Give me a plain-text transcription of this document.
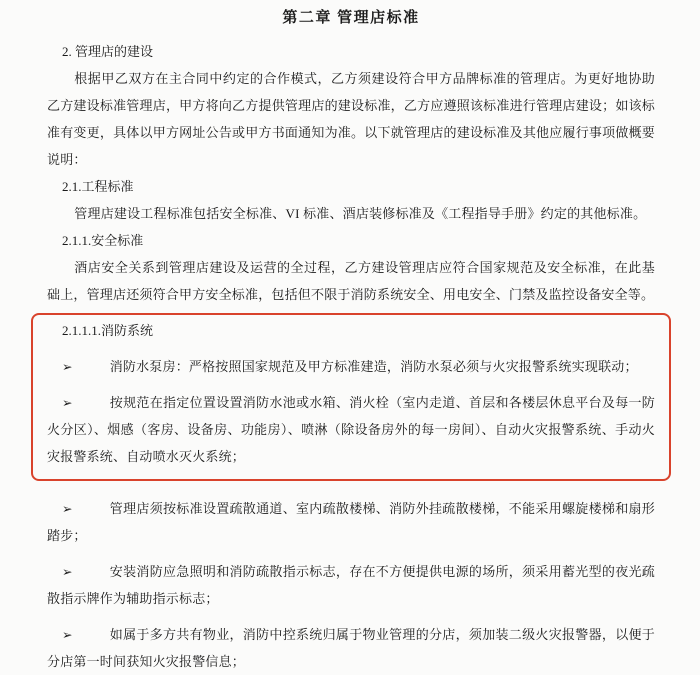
第二章 管理店标准

2. 管理店的建设

根据甲乙双方在主合同中约定的合作模式，乙方须建设符合甲方品牌标准的管理店。为更好地协助乙方建设标准管理店，甲方将向乙方提供管理店的建设标准，乙方应遵照该标准进行管理店建设；如该标准有变更，具体以甲方网址公告或甲方书面通知为准。以下就管理店的建设标准及其他应履行事项做概要说明：

2.1.工程标准

管理店建设工程标准包括安全标准、VI 标准、酒店装修标准及《工程指导手册》约定的其他标准。

2.1.1.安全标准

酒店安全关系到管理店建设及运营的全过程，乙方建设管理店应符合国家规范及安全标准，在此基础上，管理店还须符合甲方安全标准，包括但不限于消防系统安全、用电安全、门禁及监控设备安全等。

2.1.1.1.消防系统

➢	消防水泵房：严格按照国家规范及甲方标准建造，消防水泵必须与火灾报警系统实现联动；

➢	按规范在指定位置设置消防水池或水箱、消火栓（室内走道、首层和各楼层休息平台及每一防火分区）、烟感（客房、设备房、功能房）、喷淋（除设备房外的每一房间）、自动火灾报警系统、手动火灾报警系统、自动喷水灭火系统；

➢	管理店须按标准设置疏散通道、室内疏散楼梯、消防外挂疏散楼梯，不能采用螺旋楼梯和扇形踏步；

➢	安装消防应急照明和消防疏散指示标志，存在不方便提供电源的场所，须采用蓄光型的夜光疏散指示牌作为辅助指示标志；

➢	如属于多方共有物业，消防中控系统归属于物业管理的分店，须加装二级火灾报警器，以便于分店第一时间获知火灾报警信息；
